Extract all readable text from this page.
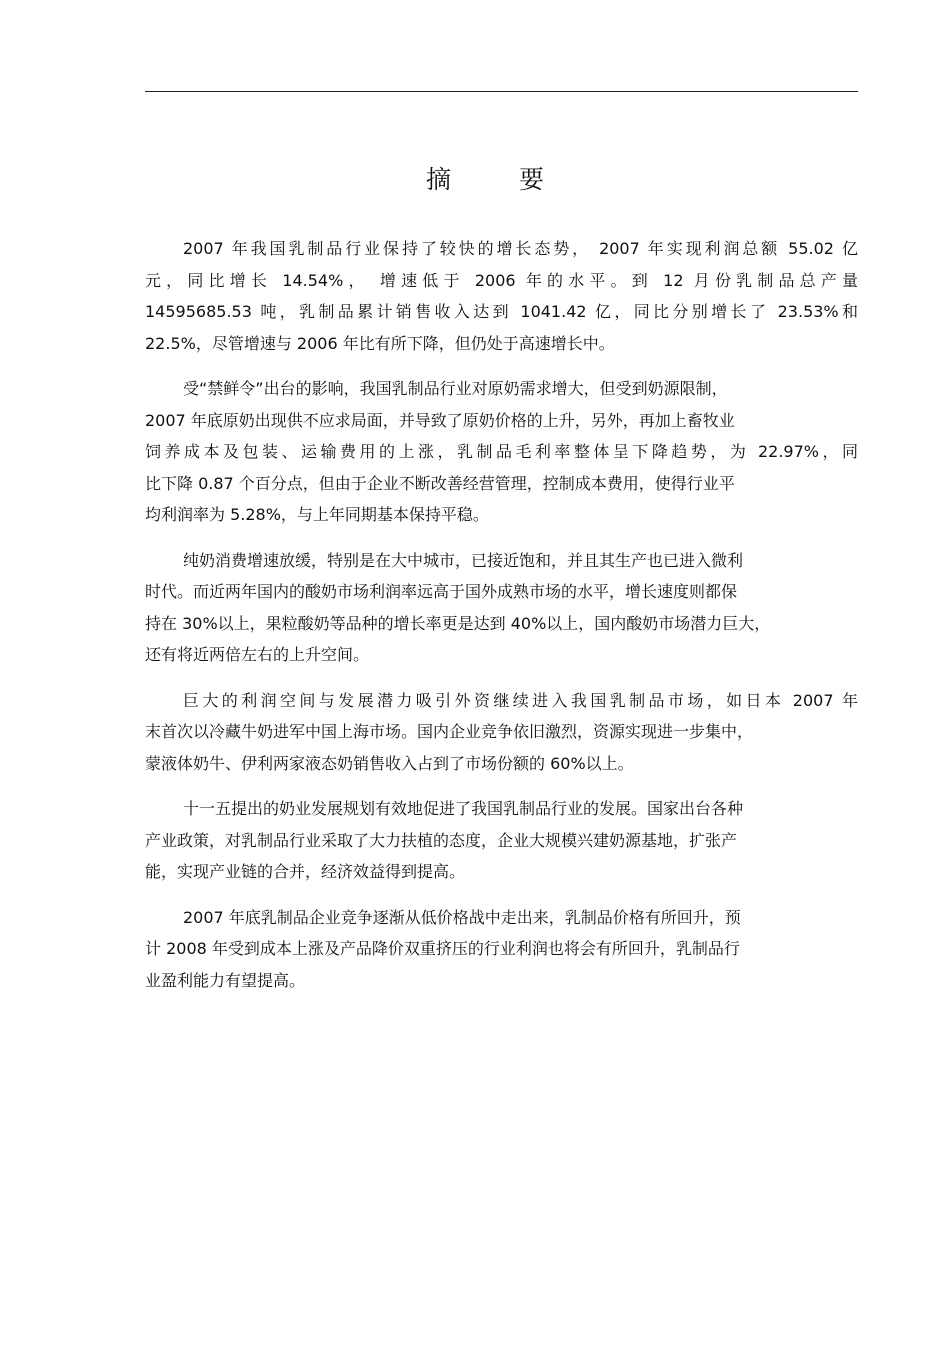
摘 要

2007 年我国乳制品行业保持了较快的增长态势， 2007 年实现利润总额 55.02 亿
元，同比增长 14.54%， 增速低于 2006 年的水平。到 12 月份乳制品总产量
14595685.53 吨，乳制品累计销售收入达到 1041.42 亿，同比分别增长了 23.53%和
22.5%，尽管增速与 2006 年比有所下降，但仍处于高速增长中。

受“禁鲜令”出台的影响，我国乳制品行业对原奶需求增大，但受到奶源限制，
2007 年底原奶出现供不应求局面，并导致了原奶价格的上升，另外，再加上畜牧业
饲养成本及包装、运输费用的上涨，乳制品毛利率整体呈下降趋势，为 22.97%，同
比下降 0.87 个百分点，但由于企业不断改善经营管理，控制成本费用，使得行业平
均利润率为 5.28%，与上年同期基本保持平稳。

纯奶消费增速放缓，特别是在大中城市，已接近饱和，并且其生产也已进入微利
时代。而近两年国内的酸奶市场利润率远高于国外成熟市场的水平，增长速度则都保
持在 30%以上，果粒酸奶等品种的增长率更是达到 40%以上，国内酸奶市场潜力巨大，
还有将近两倍左右的上升空间。

巨大的利润空间与发展潜力吸引外资继续进入我国乳制品市场，如日本 2007 年
末首次以冷藏牛奶进军中国上海市场。国内企业竞争依旧激烈，资源实现进一步集中，
蒙液体奶牛、伊利两家液态奶销售收入占到了市场份额的 60%以上。

十一五提出的奶业发展规划有效地促进了我国乳制品行业的发展。国家出台各种
产业政策，对乳制品行业采取了大力扶植的态度，企业大规模兴建奶源基地，扩张产
能，实现产业链的合并，经济效益得到提高。

2007 年底乳制品企业竞争逐渐从低价格战中走出来，乳制品价格有所回升，预
计 2008 年受到成本上涨及产品降价双重挤压的行业利润也将会有所回升，乳制品行
业盈利能力有望提高。
